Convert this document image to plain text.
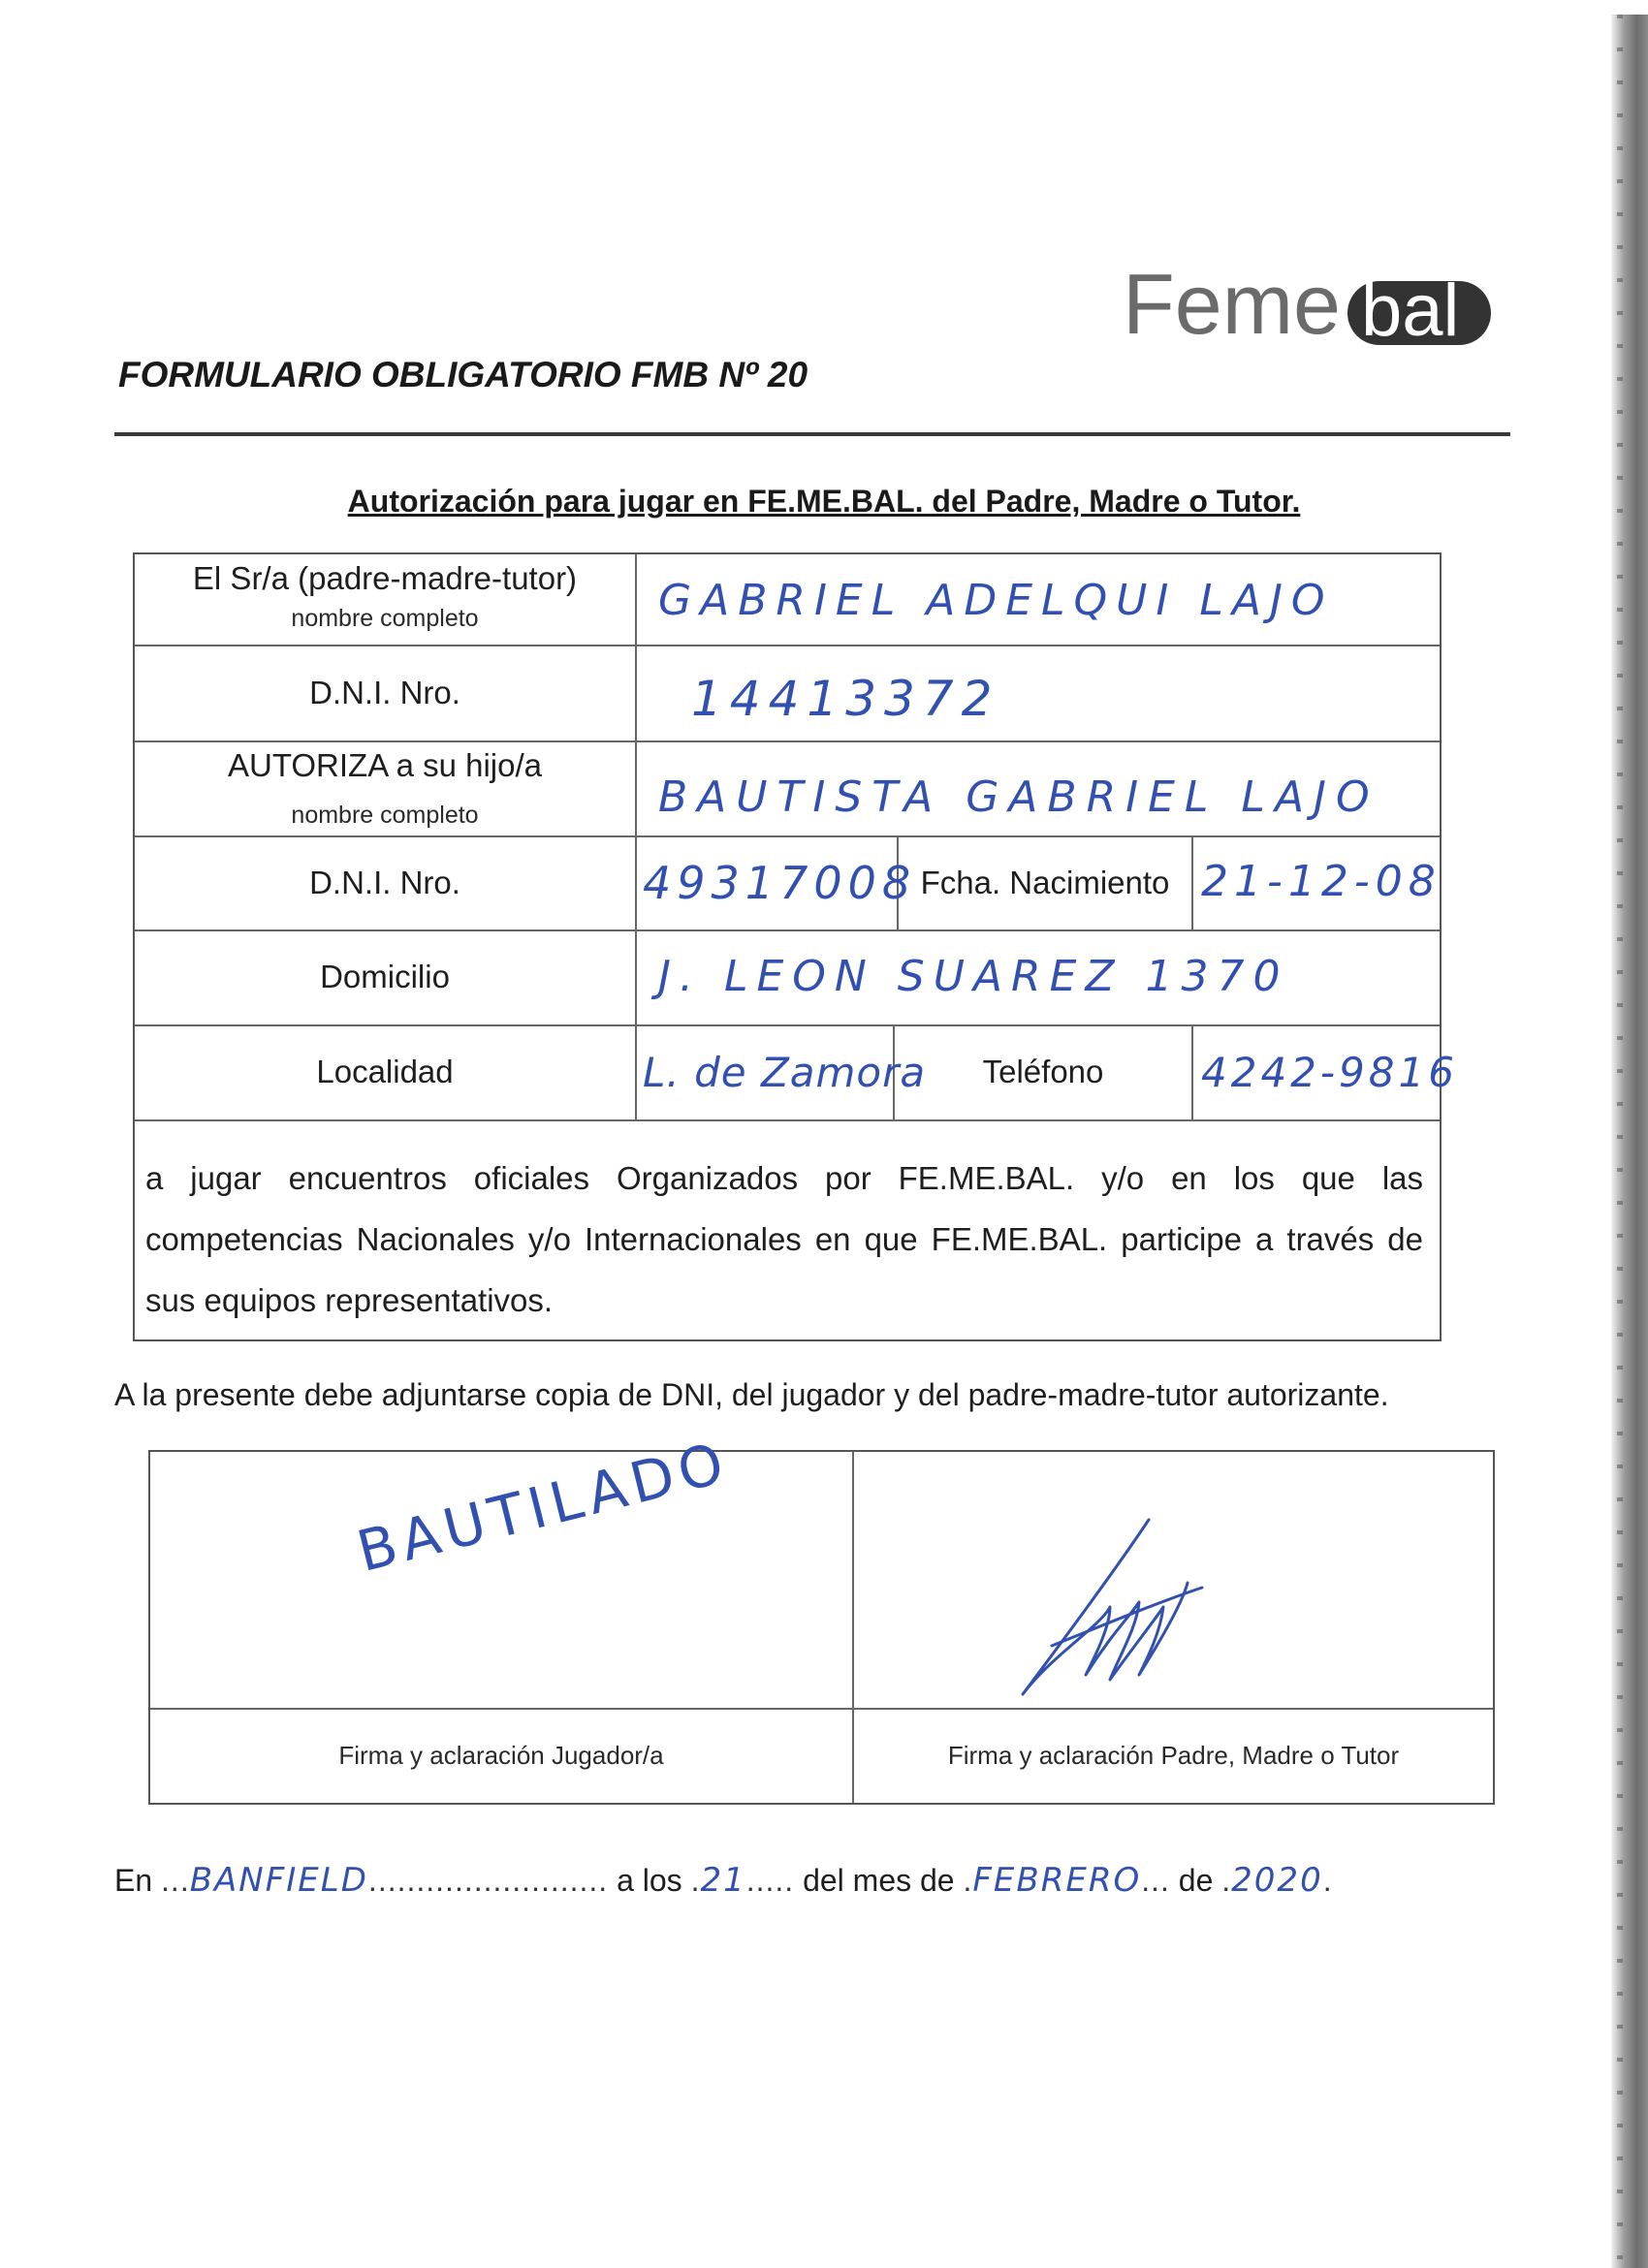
Feme bal
FORMULARIO OBLIGATORIO FMB Nº 20
Autorización para jugar en FE.ME.BAL. del Padre, Madre o Tutor.
El Sr/a (padre-madre-tutor)
nombre completo	GABRIEL ADELQUI LAJO
D.N.I. Nro.	14413372
AUTORIZA a su hijo/a
nombre completo	BAUTISTA GABRIEL LAJO
D.N.I. Nro.	49317008 Fcha. Nacimiento 21-12-08
Domicilio	J. LEON SUAREZ 1370
Localidad	L. de Zamora	Teléfono	4242-9816
a jugar encuentros oficiales Organizados por FE.ME.BAL. y/o en los que las competencias Nacionales y/o Internacionales en que FE.ME.BAL. participe a través de sus equipos representativos.
A la presente debe adjuntarse copia de DNI, del jugador y del padre-madre-tutor autorizante.
BAUTILADO
Firma y aclaración Jugador/a	Firma y aclaración Padre, Madre o Tutor
En ...BANFIELD......................... a los .21..... del mes de .FEBRERO... de .2020.
